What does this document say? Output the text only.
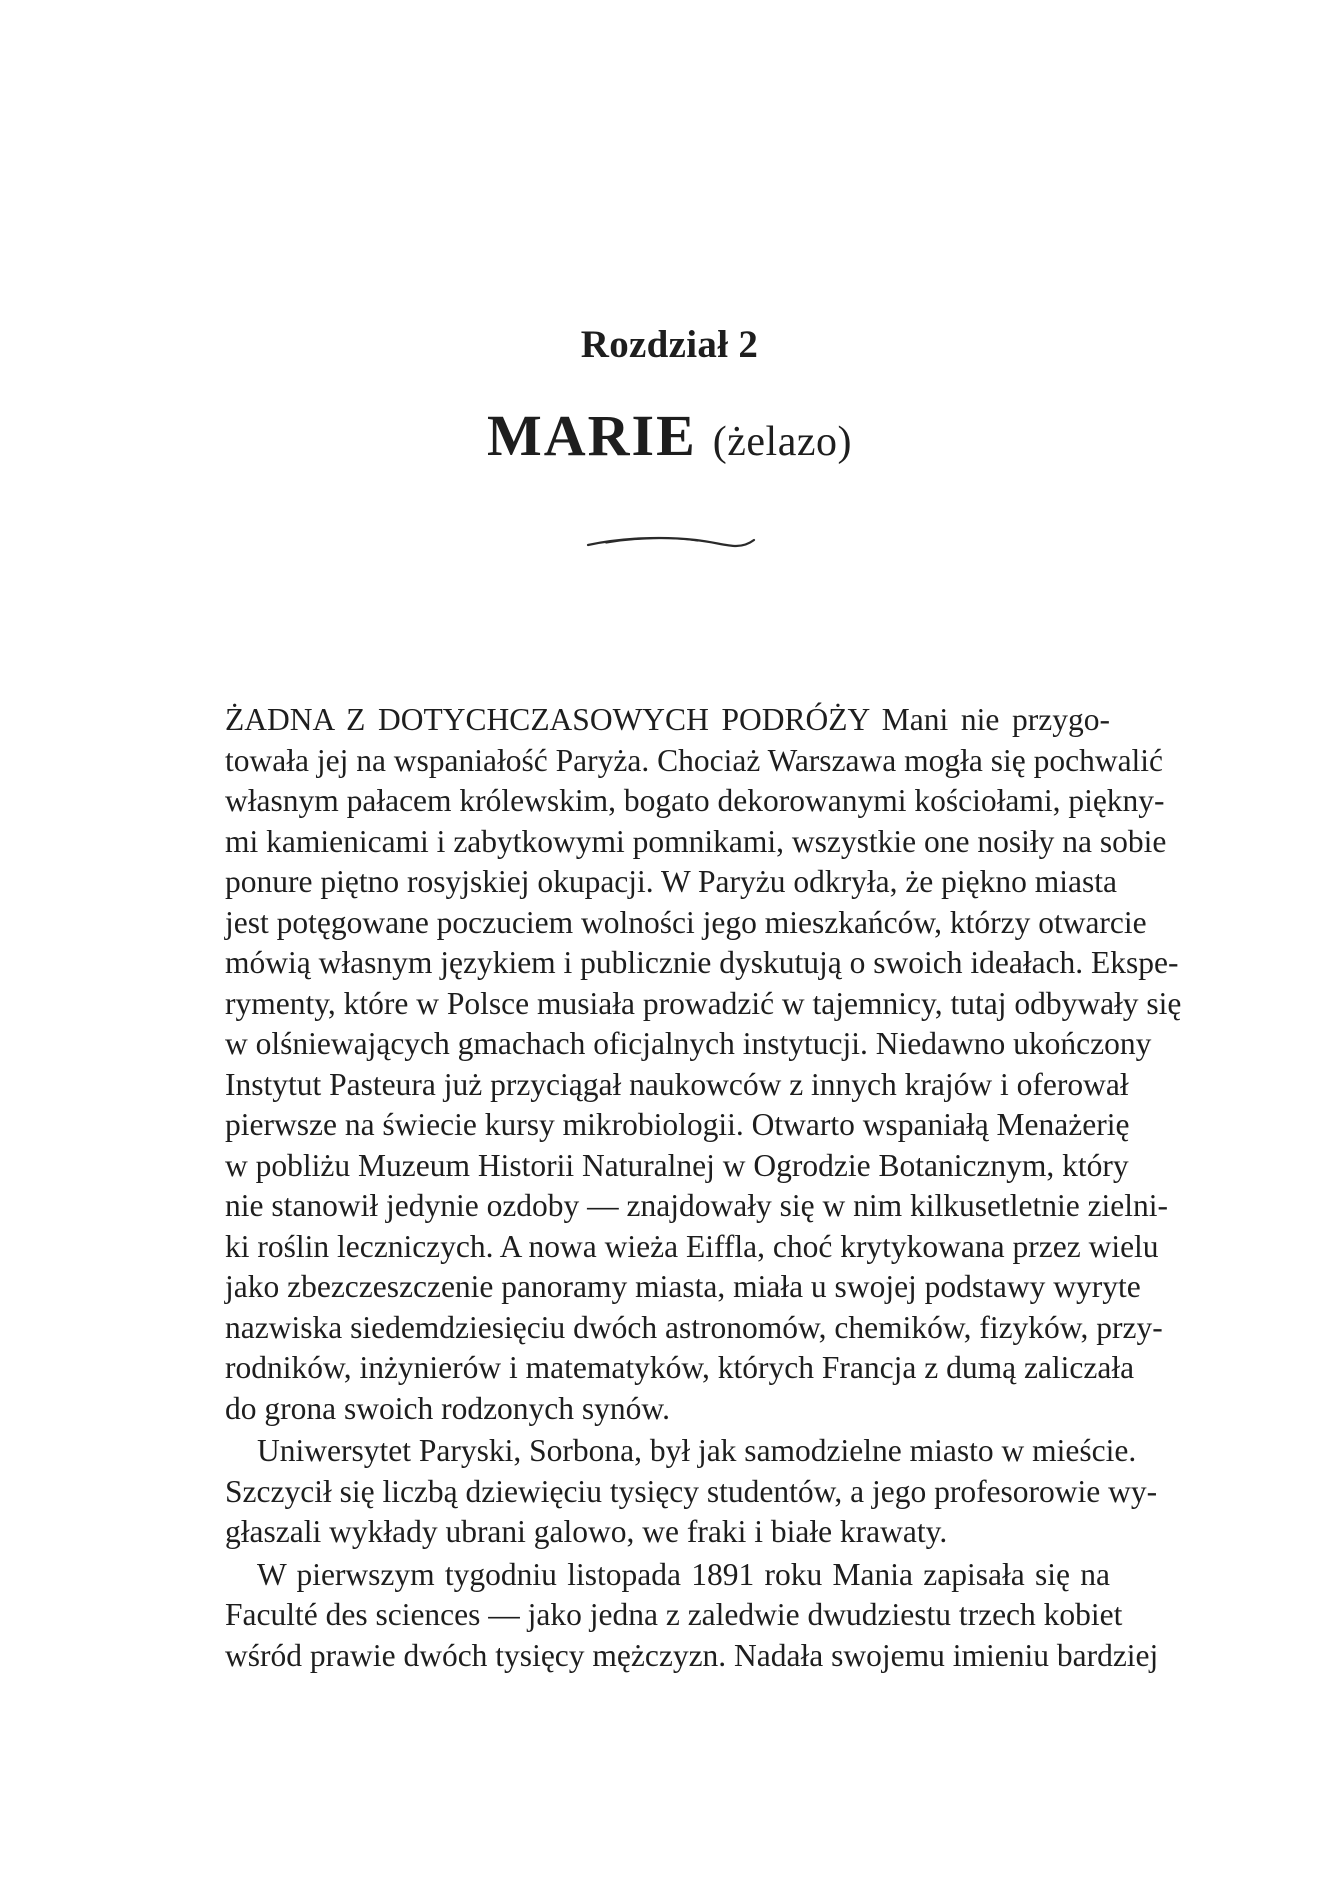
Rozdział 2
MARIE (żelazo)

ŻADNA Z DOTYCHCZASOWYCH PODRÓŻY Mani nie przygo-
towała jej na wspaniałość Paryża. Chociaż Warszawa mogła się pochwalić
własnym pałacem królewskim, bogato dekorowanymi kościołami, piękny-
mi kamienicami i zabytkowymi pomnikami, wszystkie one nosiły na sobie
ponure piętno rosyjskiej okupacji. W Paryżu odkryła, że piękno miasta
jest potęgowane poczuciem wolności jego mieszkańców, którzy otwarcie
mówią własnym językiem i publicznie dyskutują o swoich ideałach. Ekspe-
rymenty, które w Polsce musiała prowadzić w tajemnicy, tutaj odbywały się
w olśniewających gmachach oficjalnych instytucji. Niedawno ukończony
Instytut Pasteura już przyciągał naukowców z innych krajów i oferował
pierwsze na świecie kursy mikrobiologii. Otwarto wspaniałą Menażerię
w pobliżu Muzeum Historii Naturalnej w Ogrodzie Botanicznym, który
nie stanowił jedynie ozdoby — znajdowały się w nim kilkusetletnie zielni-
ki roślin leczniczych. A nowa wieża Eiffla, choć krytykowana przez wielu
jako zbezczeszczenie panoramy miasta, miała u swojej podstawy wyryte
nazwiska siedemdziesięciu dwóch astronomów, chemików, fizyków, przy-
rodników, inżynierów i matematyków, których Francja z dumą zaliczała
do grona swoich rodzonych synów.

Uniwersytet Paryski, Sorbona, był jak samodzielne miasto w mieście.
Szczycił się liczbą dziewięciu tysięcy studentów, a jego profesorowie wy-
głaszali wykłady ubrani galowo, we fraki i białe krawaty.

W pierwszym tygodniu listopada 1891 roku Mania zapisała się na
Faculté des sciences — jako jedna z zaledwie dwudziestu trzech kobiet
wśród prawie dwóch tysięcy mężczyzn. Nadała swojemu imieniu bardziej
